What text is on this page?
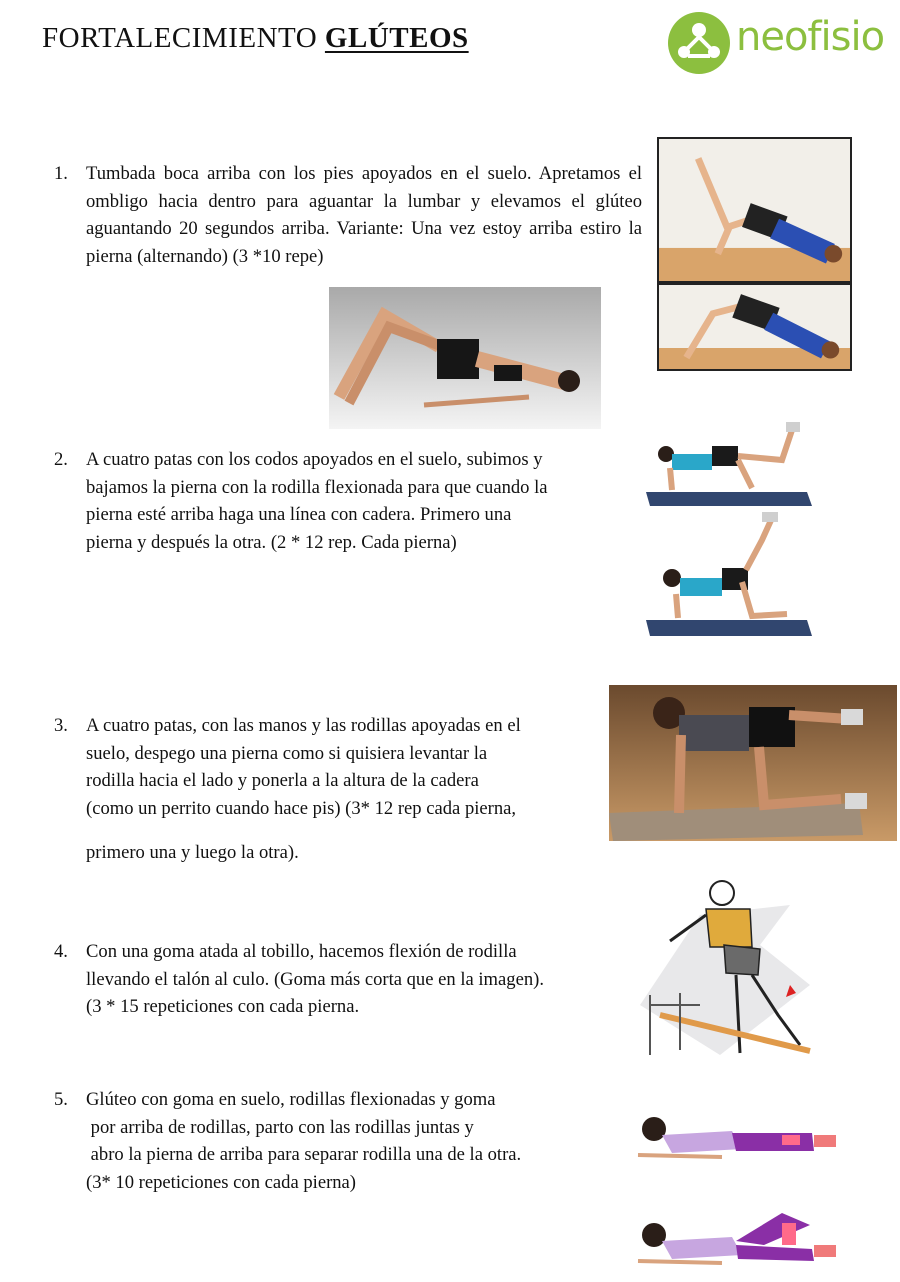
FORTALECIMIENTO GLÚTEOS	neofisio
1. Tumbada boca arriba con los pies apoyados en el suelo. Apretamos el ombligo hacia dentro para aguantar la lumbar y elevamos el glúteo aguantando 20 segundos arriba. Variante: Una vez estoy arriba estiro la pierna (alternando) (3 *10 repe)
2. A cuatro patas con los codos apoyados en el suelo, subimos y
bajamos la pierna con la rodilla flexionada para que cuando la
pierna esté arriba haga una línea con cadera. Primero una
pierna y después la otra. (2 * 12 rep. Cada pierna)
3. A cuatro patas, con las manos y las rodillas apoyadas en el
suelo, despego una pierna como si quisiera levantar la
rodilla hacia el lado y ponerla a la altura de la cadera
(como un perrito cuando hace pis) (3* 12 rep cada pierna,
primero una y luego la otra).
4. Con una goma atada al tobillo, hacemos flexión de rodilla
llevando el talón al culo. (Goma más corta que en la imagen).
(3 * 15 repeticiones con cada pierna.
5. Glúteo con goma en suelo, rodillas flexionadas y goma
por arriba de rodillas, parto con las rodillas juntas y
abro la pierna de arriba para separar rodilla una de la otra.
(3* 10 repeticiones con cada pierna)
